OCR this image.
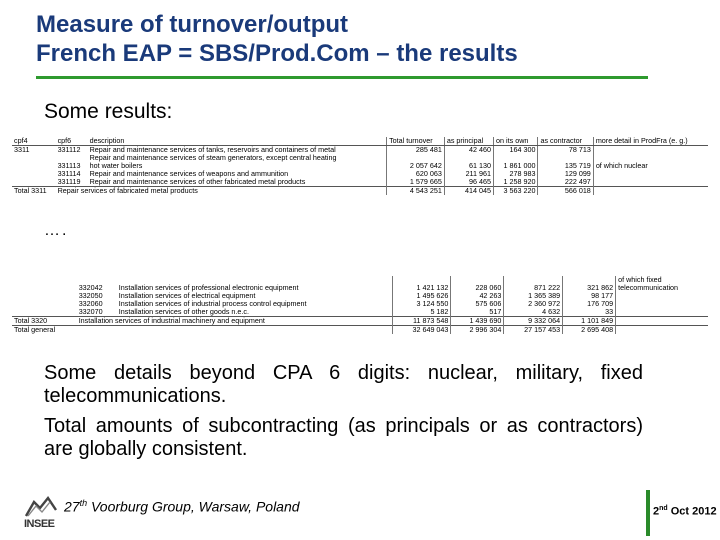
Measure of turnover/output
French EAP = SBS/Prod.Com – the results
Some results:
cpf4	cpf6	description	Total turnover	as principal	on its own	as contractor	more detail in ProdFra (e. g.)
3311	331112	Repair and maintenance services of tanks, reservoirs and containers of metal	285 481	42 460	164 300	78 713	
		Repair and maintenance services of steam generators, except central heating					
	331113	hot water boilers	2 057 642	61 130	1 861 000	135 719	of which nuclear
	331114	Repair and maintenance services of weapons and ammunition	620 063	211 961	278 983	129 099	
	331119	Repair and maintenance services of other fabricated metal products	1 579 665	96 465	1 258 920	222 497	
Total 3311	Repair services of fabricated metal products		4 543 251	414 045	3 563 220	566 018	
….
							of which fixed
	332042	Installation services of professional electronic equipment	1 421 132	228 060	871 222	321 862	telecommunication
	332050	Installation services of electrical equipment	1 495 626	42 263	1 365 389	98 177	
	332060	Installation services of industrial process control equipment	3 124 550	575 606	2 360 972	176 709	
	332070	Installation services of other goods n.e.c.	5 182	517	4 632	33	
Total 3320	Installation services of industrial machinery and equipment		11 873 548	1 439 690	9 332 064	1 101 849	
Total general			32 649 043	2 996 304	27 157 453	2 695 408	

Some details beyond CPA 6 digits: nuclear, military, fixed telecommunications.

Total amounts of subcontracting (as principals or as contractors) are globally consistent.

INSEE
27th Voorburg Group, Warsaw, Poland	2nd Oct 2012
